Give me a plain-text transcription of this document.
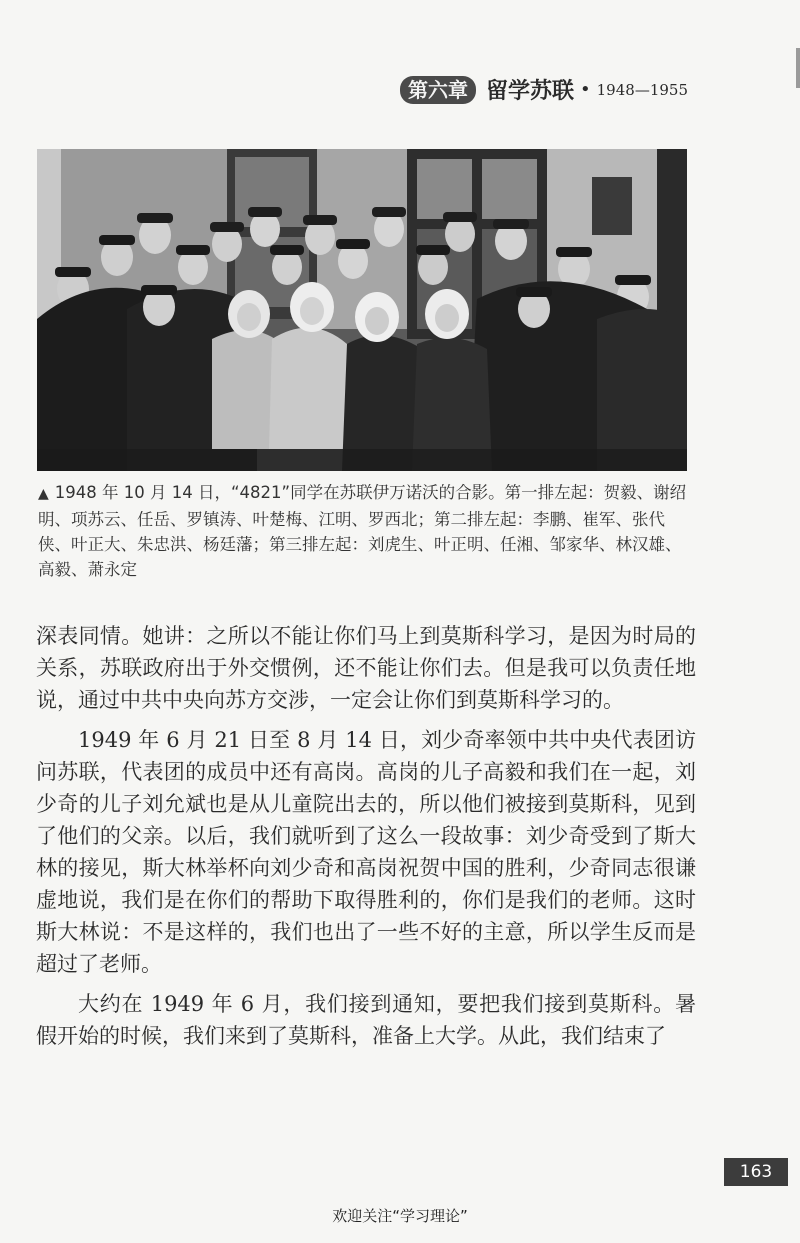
第六章 留学苏联 • 1948—1955
▲ 1948 年 10 月 14 日，“4821”同学在苏联伊万诺沃的合影。第一排左起：贺毅、谢绍明、项苏云、任岳、罗镇涛、叶楚梅、江明、罗西北；第二排左起：李鹏、崔军、张代侠、叶正大、朱忠洪、杨廷藩；第三排左起：刘虎生、叶正明、任湘、邹家华、林汉雄、高毅、萧永定

深表同情。她讲：之所以不能让你们马上到莫斯科学习，是因为时局的关系，苏联政府出于外交惯例，还不能让你们去。但是我可以负责任地说，通过中共中央向苏方交涉，一定会让你们到莫斯科学习的。

1949 年 6 月 21 日至 8 月 14 日，刘少奇率领中共中央代表团访问苏联，代表团的成员中还有高岗。高岗的儿子高毅和我们在一起，刘少奇的儿子刘允斌也是从儿童院出去的，所以他们被接到莫斯科，见到了他们的父亲。以后，我们就听到了这么一段故事：刘少奇受到了斯大林的接见，斯大林举杯向刘少奇和高岗祝贺中国的胜利，少奇同志很谦虚地说，我们是在你们的帮助下取得胜利的，你们是我们的老师。这时斯大林说：不是这样的，我们也出了一些不好的主意，所以学生反而是超过了老师。

大约在 1949 年 6 月，我们接到通知，要把我们接到莫斯科。暑假开始的时候，我们来到了莫斯科，准备上大学。从此，我们结束了

163
欢迎关注“学习理论”
